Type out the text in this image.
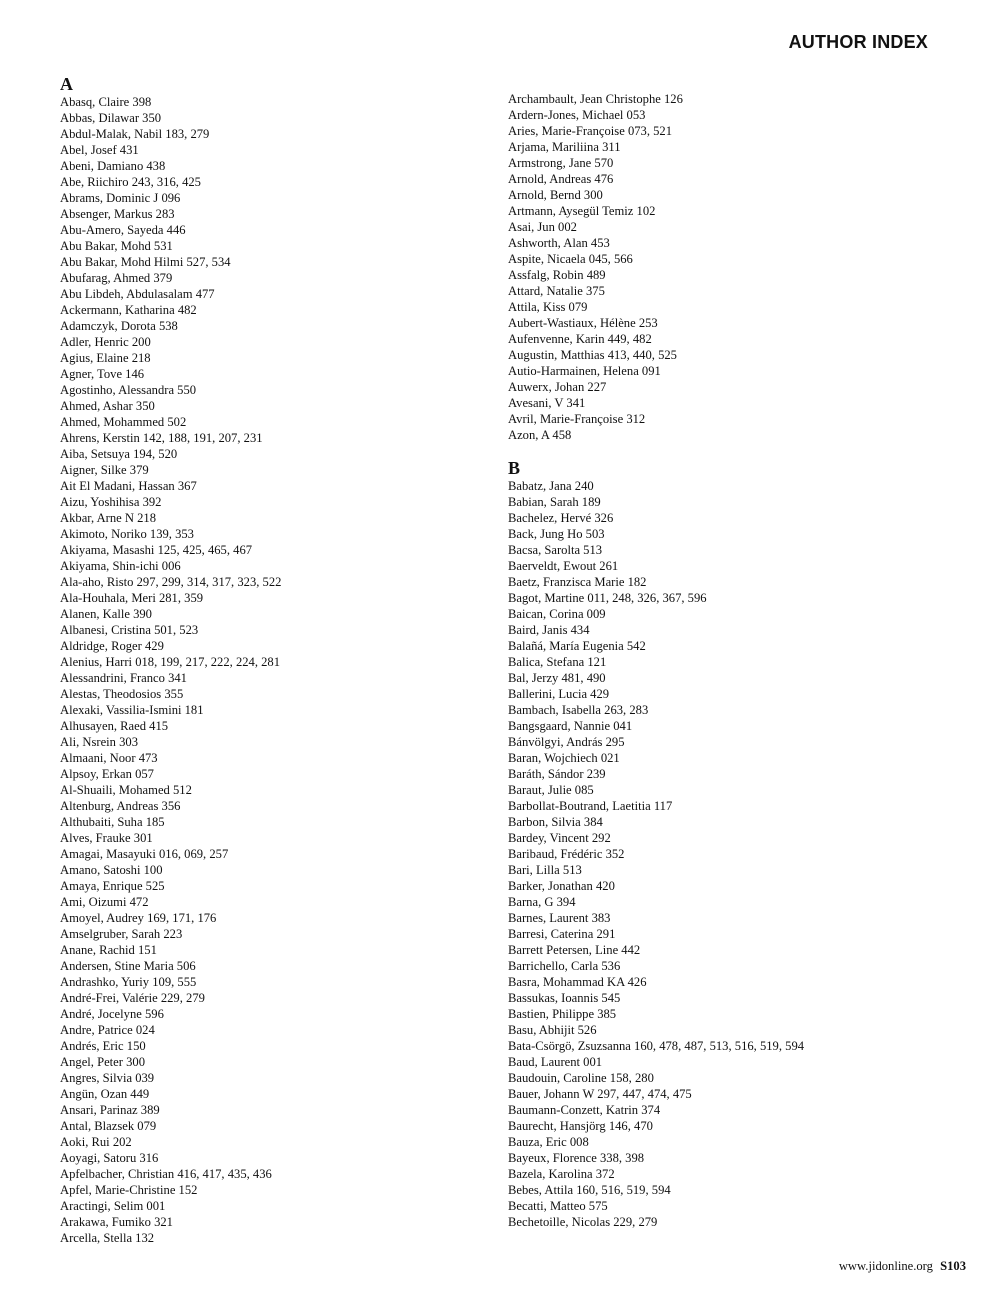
AUTHOR INDEX
A
Abasq, Claire 398
Abbas, Dilawar 350
Abdul-Malak, Nabil 183, 279
Abel, Josef 431
Abeni, Damiano 438
Abe, Riichiro 243, 316, 425
Abrams, Dominic J 096
Absenger, Markus 283
Abu-Amero, Sayeda 446
Abu Bakar, Mohd 531
Abu Bakar, Mohd Hilmi 527, 534
Abufarag, Ahmed 379
Abu Libdeh, Abdulasalam 477
Ackermann, Katharina 482
Adamczyk, Dorota 538
Adler, Henric 200
Agius, Elaine 218
Agner, Tove 146
Agostinho, Alessandra 550
Ahmed, Ashar 350
Ahmed, Mohammed 502
Ahrens, Kerstin 142, 188, 191, 207, 231
Aiba, Setsuya 194, 520
Aigner, Silke 379
Ait El Madani, Hassan 367
Aizu, Yoshihisa 392
Akbar, Arne N 218
Akimoto, Noriko 139, 353
Akiyama, Masashi 125, 425, 465, 467
Akiyama, Shin-ichi 006
Ala-aho, Risto 297, 299, 314, 317, 323, 522
Ala-Houhala, Meri 281, 359
Alanen, Kalle 390
Albanesi, Cristina 501, 523
Aldridge, Roger 429
Alenius, Harri 018, 199, 217, 222, 224, 281
Alessandrini, Franco 341
Alestas, Theodosios 355
Alexaki, Vassilia-Ismini 181
Alhusayen, Raed 415
Ali, Nsrein 303
Almaani, Noor 473
Alpsoy, Erkan 057
Al-Shuaili, Mohamed 512
Altenburg, Andreas 356
Althubaiti, Suha 185
Alves, Frauke 301
Amagai, Masayuki 016, 069, 257
Amano, Satoshi 100
Amaya, Enrique 525
Ami, Oizumi 472
Amoyel, Audrey 169, 171, 176
Amselgruber, Sarah 223
Anane, Rachid 151
Andersen, Stine Maria 506
Andrashko, Yuriy 109, 555
André-Frei, Valérie 229, 279
André, Jocelyne 596
Andre, Patrice 024
Andrés, Eric 150
Angel, Peter 300
Angres, Silvia 039
Angün, Ozan 449
Ansari, Parinaz 389
Antal, Blazsek 079
Aoki, Rui 202
Aoyagi, Satoru 316
Apfelbacher, Christian 416, 417, 435, 436
Apfel, Marie-Christine 152
Aractingi, Selim 001
Arakawa, Fumiko 321
Arcella, Stella 132
Archambault, Jean Christophe 126
Ardern-Jones, Michael 053
Aries, Marie-Françoise 073, 521
Arjama, Mariliina 311
Armstrong, Jane 570
Arnold, Andreas 476
Arnold, Bernd 300
Artmann, Aysegül Temiz 102
Asai, Jun 002
Ashworth, Alan 453
Aspite, Nicaela 045, 566
Assfalg, Robin 489
Attard, Natalie 375
Attila, Kiss 079
Aubert-Wastiaux, Hélène 253
Aufenvenne, Karin 449, 482
Augustin, Matthias 413, 440, 525
Autio-Harmainen, Helena 091
Auwerx, Johan 227
Avesani, V 341
Avril, Marie-Françoise 312
Azon, A 458
B
Babatz, Jana 240
Babian, Sarah 189
Bachelez, Hervé 326
Back, Jung Ho 503
Bacsa, Sarolta 513
Baerveldt, Ewout 261
Baetz, Franzisca Marie 182
Bagot, Martine 011, 248, 326, 367, 596
Baican, Corina 009
Baird, Janis 434
Balañá, María Eugenia 542
Balica, Stefana 121
Bal, Jerzy 481, 490
Ballerini, Lucia 429
Bambach, Isabella 263, 283
Bangsgaard, Nannie 041
Bánvölgyi, András 295
Baran, Wojchiech 021
Baráth, Sándor 239
Baraut, Julie 085
Barbollat-Boutrand, Laetitia 117
Barbon, Silvia 384
Bardey, Vincent 292
Baribaud, Frédéric 352
Bari, Lilla 513
Barker, Jonathan 420
Barna, G 394
Barnes, Laurent 383
Barresi, Caterina 291
Barrett Petersen, Line 442
Barrichello, Carla 536
Basra, Mohammad KA 426
Bassukas, Ioannis 545
Bastien, Philippe 385
Basu, Abhijit 526
Bata-Csörgö, Zsuzsanna 160, 478, 487, 513, 516, 519, 594
Baud, Laurent 001
Baudouin, Caroline 158, 280
Bauer, Johann W 297, 447, 474, 475
Baumann-Conzett, Katrin 374
Baurecht, Hansjörg 146, 470
Bauza, Eric 008
Bayeux, Florence 338, 398
Bazela, Karolina 372
Bebes, Attila 160, 516, 519, 594
Becatti, Matteo 575
Bechetoille, Nicolas 229, 279
www.jidonline.org S103
